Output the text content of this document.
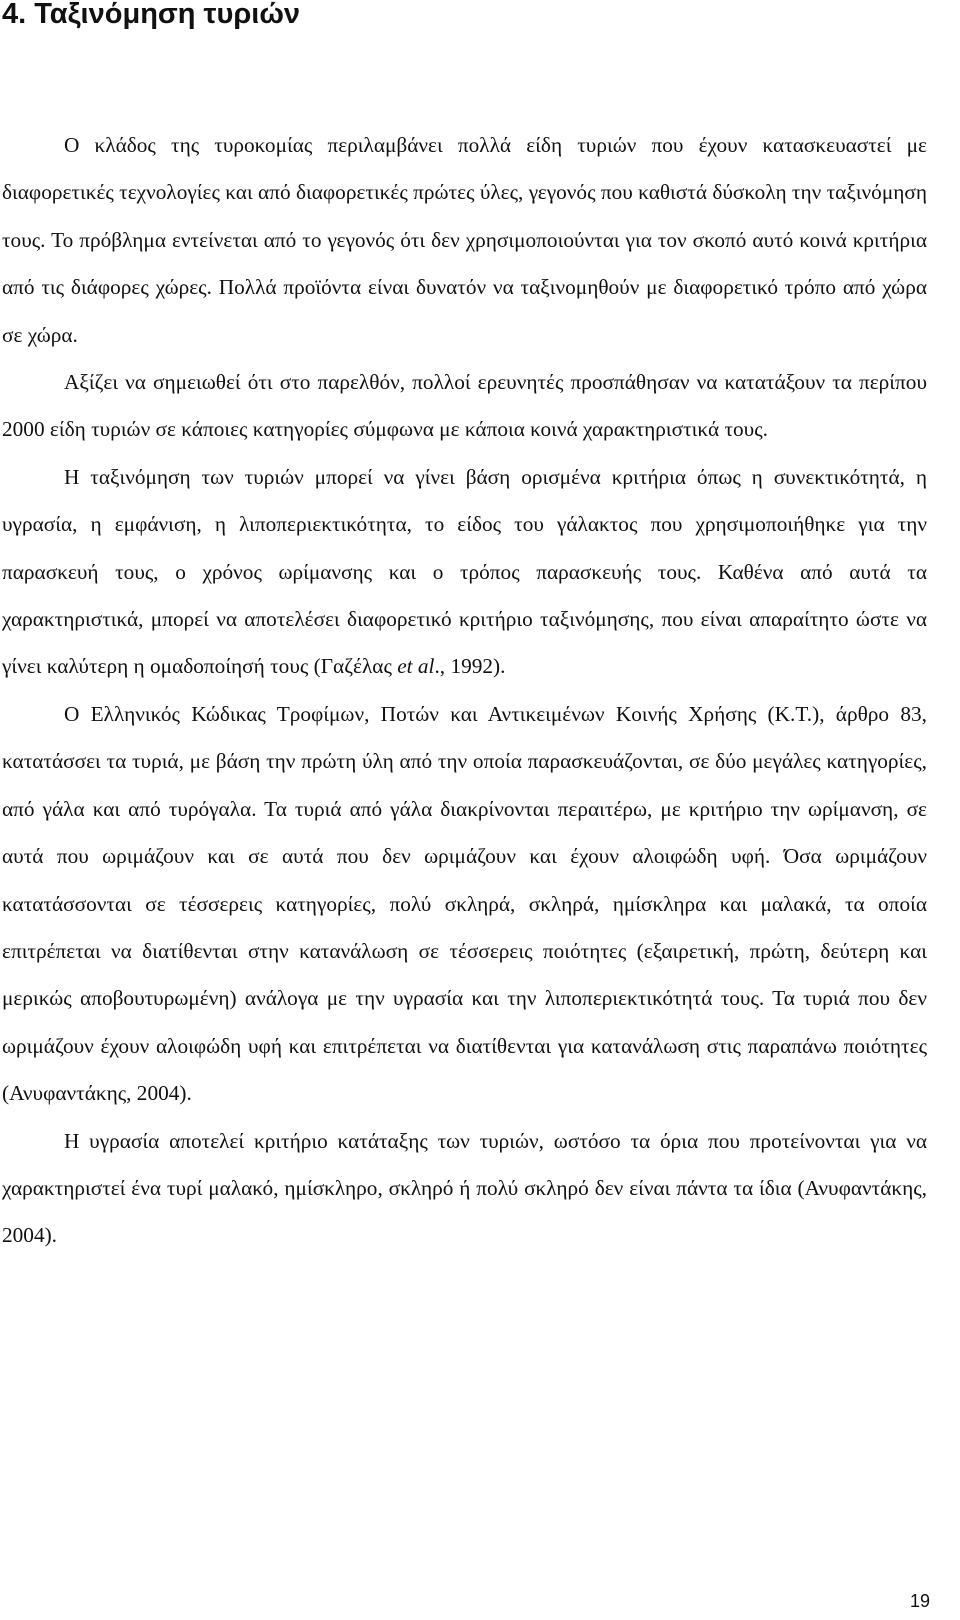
4. Ταξινόμηση τυριών

Ο κλάδος της τυροκομίας περιλαμβάνει πολλά είδη τυριών που έχουν κατασκευαστεί με διαφορετικές τεχνολογίες και από διαφορετικές πρώτες ύλες, γεγονός που καθιστά δύσκολη την ταξινόμηση τους. Το πρόβλημα εντείνεται από το γεγονός ότι δεν χρησιμοποιούνται για τον σκοπό αυτό κοινά κριτήρια από τις διάφορες χώρες. Πολλά προϊόντα είναι δυνατόν να ταξινομηθούν με διαφορετικό τρόπο από χώρα σε χώρα.

Αξίζει να σημειωθεί ότι στο παρελθόν, πολλοί ερευνητές προσπάθησαν να κατατάξουν τα περίπου 2000 είδη τυριών σε κάποιες κατηγορίες σύμφωνα με κάποια κοινά χαρακτηριστικά τους.

Η ταξινόμηση των τυριών μπορεί να γίνει βάση ορισμένα κριτήρια όπως η συνεκτικότητά, η υγρασία, η εμφάνιση, η λιποπεριεκτικότητα, το είδος του γάλακτος που χρησιμοποιήθηκε για την παρασκευή τους, ο χρόνος ωρίμανσης και ο τρόπος παρασκευής τους. Καθένα από αυτά τα χαρακτηριστικά, μπορεί να αποτελέσει διαφορετικό κριτήριο ταξινόμησης, που είναι απαραίτητο ώστε να γίνει καλύτερη η ομαδοποίησή τους (Γαζέλας et al., 1992).

Ο Ελληνικός Κώδικας Τροφίμων, Ποτών και Αντικειμένων Κοινής Χρήσης (Κ.Τ.), άρθρο 83, κατατάσσει τα τυριά, με βάση την πρώτη ύλη από την οποία παρασκευάζονται, σε δύο μεγάλες κατηγορίες, από γάλα και από τυρόγαλα. Τα τυριά από γάλα διακρίνονται περαιτέρω, με κριτήριο την ωρίμανση, σε αυτά που ωριμάζουν και σε αυτά που δεν ωριμάζουν και έχουν αλοιφώδη υφή. Όσα ωριμάζουν κατατάσσονται σε τέσσερεις κατηγορίες, πολύ σκληρά, σκληρά, ημίσκληρα και μαλακά, τα οποία επιτρέπεται να διατίθενται στην κατανάλωση σε τέσσερεις ποιότητες (εξαιρετική, πρώτη, δεύτερη και μερικώς αποβουτυρωμένη) ανάλογα με την υγρασία και την λιποπεριεκτικότητά τους. Τα τυριά που δεν ωριμάζουν έχουν αλοιφώδη υφή και επιτρέπεται να διατίθενται για κατανάλωση στις παραπάνω ποιότητες (Ανυφαντάκης, 2004).

Η υγρασία αποτελεί κριτήριο κατάταξης των τυριών, ωστόσο τα όρια που προτείνονται για να χαρακτηριστεί ένα τυρί μαλακό, ημίσκληρο, σκληρό ή πολύ σκληρό δεν είναι πάντα τα ίδια (Ανυφαντάκης, 2004).

19
